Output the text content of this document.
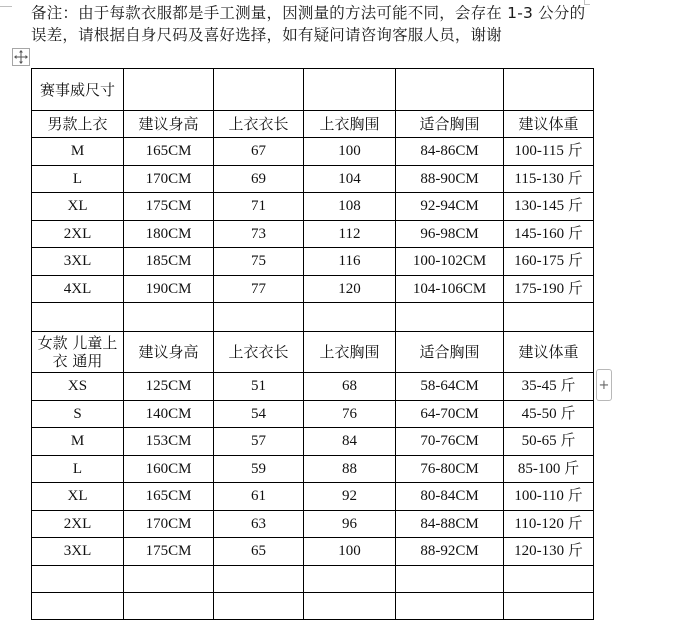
备注：由于每款衣服都是手工测量，因测量的方法可能不同，会存在 1-3 公分的误差，请根据自身尺码及喜好选择，如有疑问请咨询客服人员，谢谢
+
赛事威尺寸					
男款上衣	建议身高	上衣衣长	上衣胸围	适合胸围	建议体重
M	165CM	67	100	84-86CM	100-115 斤
L	170CM	69	104	88-90CM	115-130 斤
XL	175CM	71	108	92-94CM	130-145 斤
2XL	180CM	73	112	96-98CM	145-160 斤
3XL	185CM	75	116	100-102CM	160-175 斤
4XL	190CM	77	120	104-106CM	175-190 斤

女款 儿童上衣 通用	建议身高	上衣衣长	上衣胸围	适合胸围	建议体重
XS	125CM	51	68	58-64CM	35-45 斤
S	140CM	54	76	64-70CM	45-50 斤
M	153CM	57	84	70-76CM	50-65 斤
L	160CM	59	88	76-80CM	85-100 斤
XL	165CM	61	92	80-84CM	100-110 斤
2XL	170CM	63	96	84-88CM	110-120 斤
3XL	175CM	65	100	88-92CM	120-130 斤
